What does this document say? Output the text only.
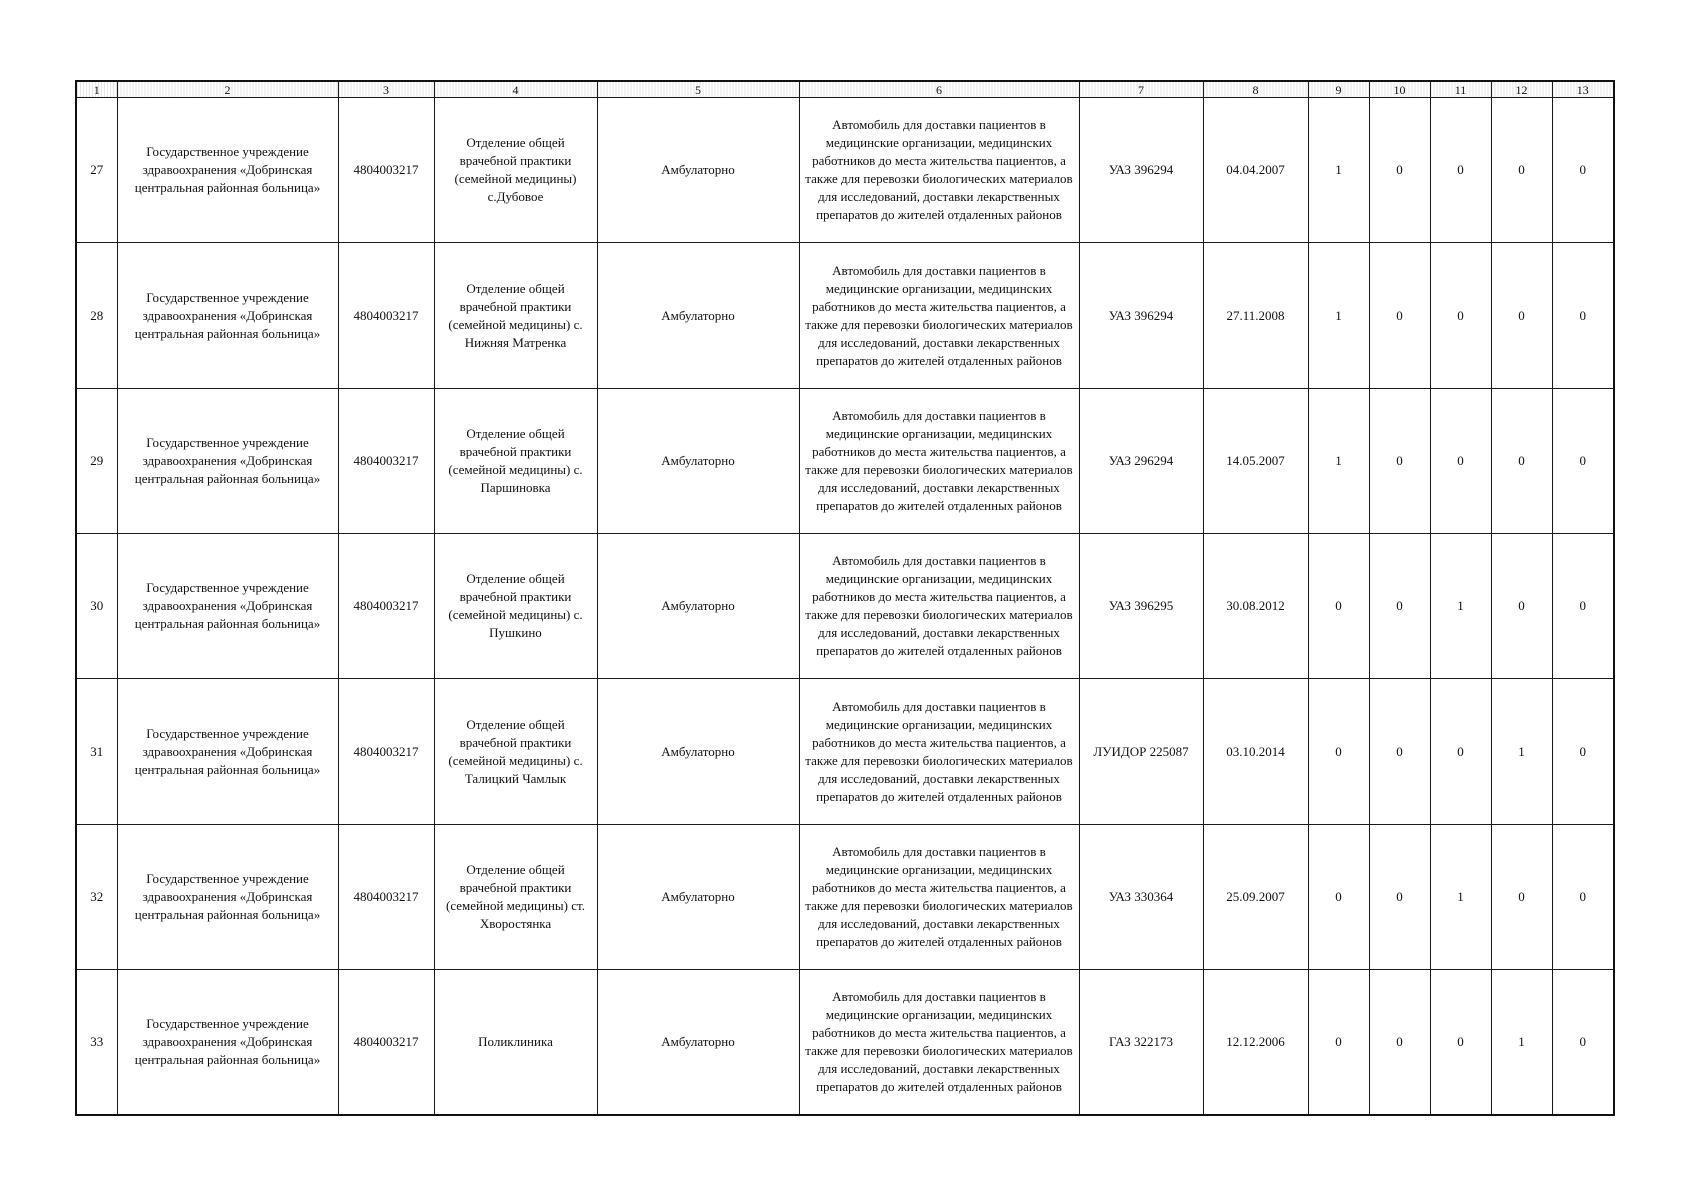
1	2	3	4	5	6	7	8	9	10	11	12	13
27	Государственное учреждение здравоохранения «Добринская центральная районная больница»	4804003217	Отделение общей врачебной практики (семейной медицины) с.Дубовое	Амбулаторно	Автомобиль для доставки пациентов в медицинские организации, медицинских работников до места жительства пациентов, а также для перевозки биологических материалов для исследований, доставки лекарственных препаратов до жителей отдаленных районов	УАЗ 396294	04.04.2007	1	0	0	0	0
28	Государственное учреждение здравоохранения «Добринская центральная районная больница»	4804003217	Отделение общей врачебной практики (семейной медицины) с. Нижняя Матренка	Амбулаторно	Автомобиль для доставки пациентов в медицинские организации, медицинских работников до места жительства пациентов, а также для перевозки биологических материалов для исследований, доставки лекарственных препаратов до жителей отдаленных районов	УАЗ 396294	27.11.2008	1	0	0	0	0
29	Государственное учреждение здравоохранения «Добринская центральная районная больница»	4804003217	Отделение общей врачебной практики (семейной медицины) с. Паршиновка	Амбулаторно	Автомобиль для доставки пациентов в медицинские организации, медицинских работников до места жительства пациентов, а также для перевозки биологических материалов для исследований, доставки лекарственных препаратов до жителей отдаленных районов	УАЗ 296294	14.05.2007	1	0	0	0	0
30	Государственное учреждение здравоохранения «Добринская центральная районная больница»	4804003217	Отделение общей врачебной практики (семейной медицины) с. Пушкино	Амбулаторно	Автомобиль для доставки пациентов в медицинские организации, медицинских работников до места жительства пациентов, а также для перевозки биологических материалов для исследований, доставки лекарственных препаратов до жителей отдаленных районов	УАЗ 396295	30.08.2012	0	0	1	0	0
31	Государственное учреждение здравоохранения «Добринская центральная районная больница»	4804003217	Отделение общей врачебной практики (семейной медицины) с. Талицкий Чамлык	Амбулаторно	Автомобиль для доставки пациентов в медицинские организации, медицинских работников до места жительства пациентов, а также для перевозки биологических материалов для исследований, доставки лекарственных препаратов до жителей отдаленных районов	ЛУИДОР 225087	03.10.2014	0	0	0	1	0
32	Государственное учреждение здравоохранения «Добринская центральная районная больница»	4804003217	Отделение общей врачебной практики (семейной медицины) ст. Хворостянка	Амбулаторно	Автомобиль для доставки пациентов в медицинские организации, медицинских работников до места жительства пациентов, а также для перевозки биологических материалов для исследований, доставки лекарственных препаратов до жителей отдаленных районов	УАЗ 330364	25.09.2007	0	0	1	0	0
33	Государственное учреждение здравоохранения «Добринская центральная районная больница»	4804003217	Поликлиника	Амбулаторно	Автомобиль для доставки пациентов в медицинские организации, медицинских работников до места жительства пациентов, а также для перевозки биологических материалов для исследований, доставки лекарственных препаратов до жителей отдаленных районов	ГАЗ 322173	12.12.2006	0	0	0	1	0
